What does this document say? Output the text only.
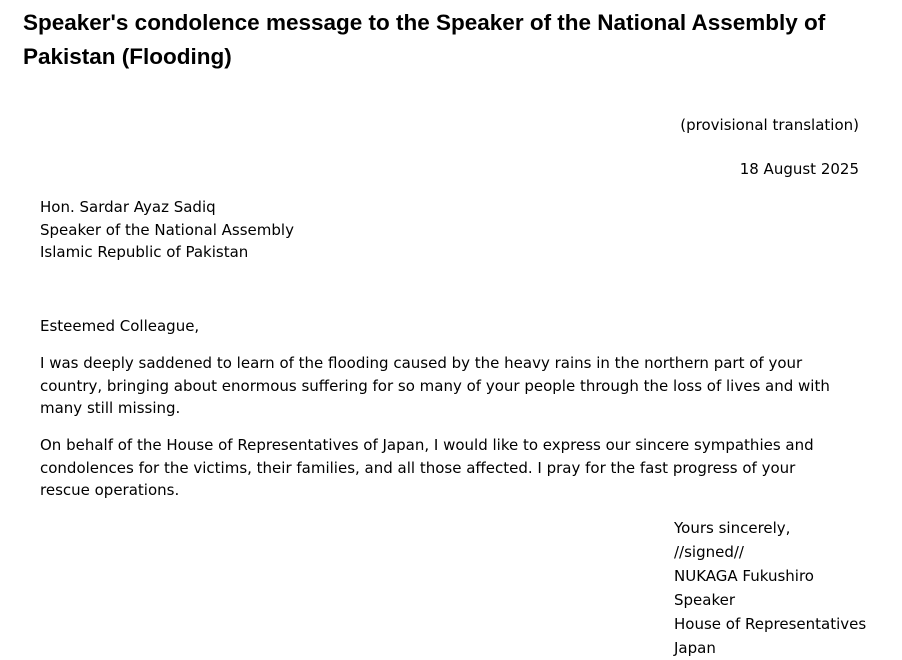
Speaker's condolence message to the Speaker of the National Assembly of Pakistan (Flooding)
(provisional translation)
18 August 2025
Hon. Sardar Ayaz Sadiq
Speaker of the National Assembly
Islamic Republic of Pakistan
Esteemed Colleague,

I was deeply saddened to learn of the flooding caused by the heavy rains in the northern part of your country, bringing about enormous suffering for so many of your people through the loss of lives and with many still missing.

On behalf of the House of Representatives of Japan, I would like to express our sincere sympathies and condolences for the victims, their families, and all those affected. I pray for the fast progress of your rescue operations.

Yours sincerely,
//signed//
NUKAGA Fukushiro
Speaker
House of Representatives
Japan
